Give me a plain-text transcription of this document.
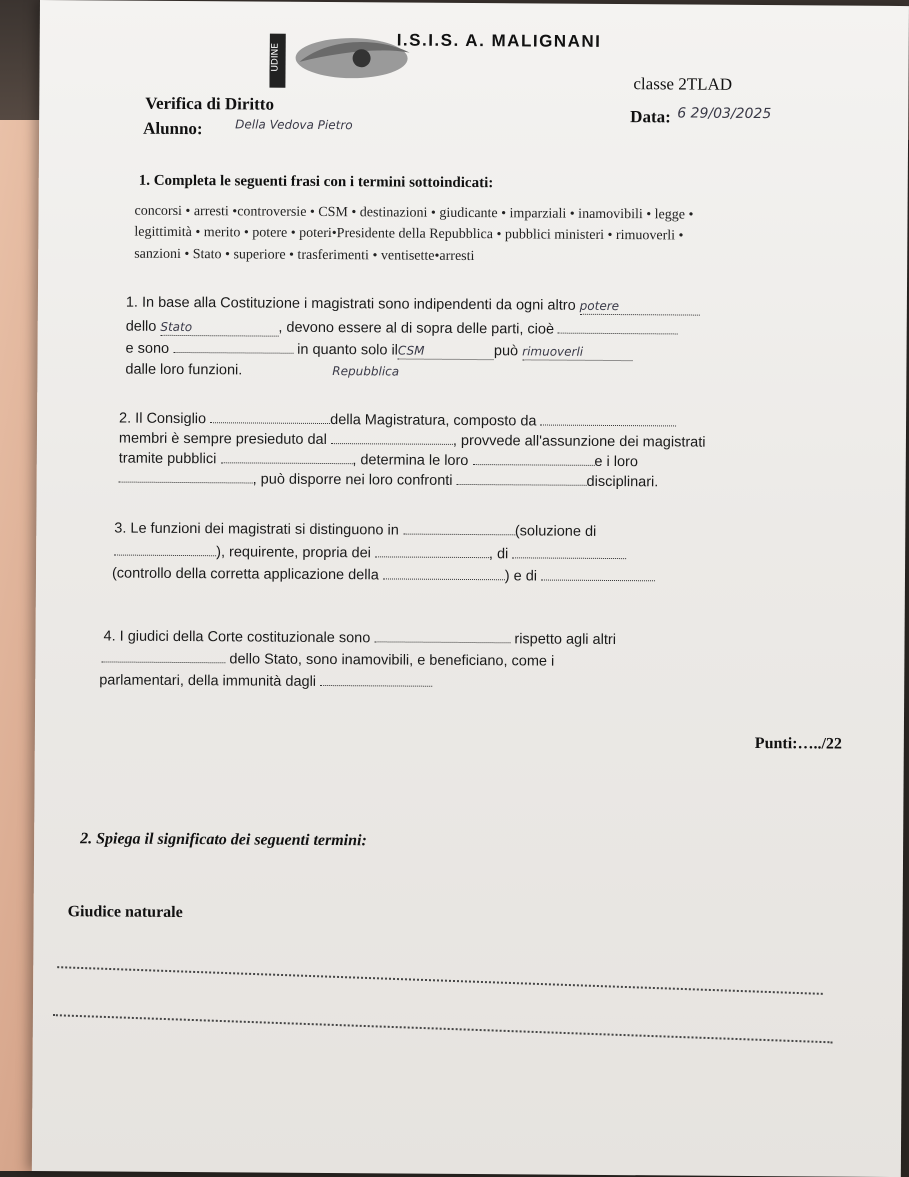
UDINE
I.S.I.S. A. MALIGNANI
classe 2TLAD
Verifica di Diritto
Data: 6 29/03/2025
Alunno:	Della Vedova Pietro
1. Completa le seguenti frasi con i termini sottoindicati:
concorsi • arresti •controversie • CSM • destinazioni • giudicante • imparziali • inamovibili • legge •
legittimità • merito • potere • poteri•Presidente della Repubblica • pubblici ministeri • rimuoverli •
sanzioni • Stato • superiore • trasferimenti • ventisette•arresti
1. In base alla Costituzione i magistrati sono indipendenti da ogni altro potere
dello Stato	, devono essere al di sopra delle parti, cioè
e sono	in quanto solo ilCSM	può rimuoverli
dalle loro funzioni.	Repubblica
2. Il Consiglio	della Magistratura, composto da
membri è sempre presieduto dal	, provvede all'assunzione dei magistrati
tramite pubblici	, determina le loro	e i loro
, può disporre nei loro confronti	disciplinari.
3. Le funzioni dei magistrati si distinguono in	(soluzione di
), requirente, propria dei	, di
(controllo della corretta applicazione della	) e di
4. I giudici della Corte costituzionale sono	rispetto agli altri
dello Stato, sono inamovibili, e beneficiano, come i
parlamentari, della immunità dagli
Punti:…../22
2. Spiega il significato dei seguenti termini:
Giudice naturale
